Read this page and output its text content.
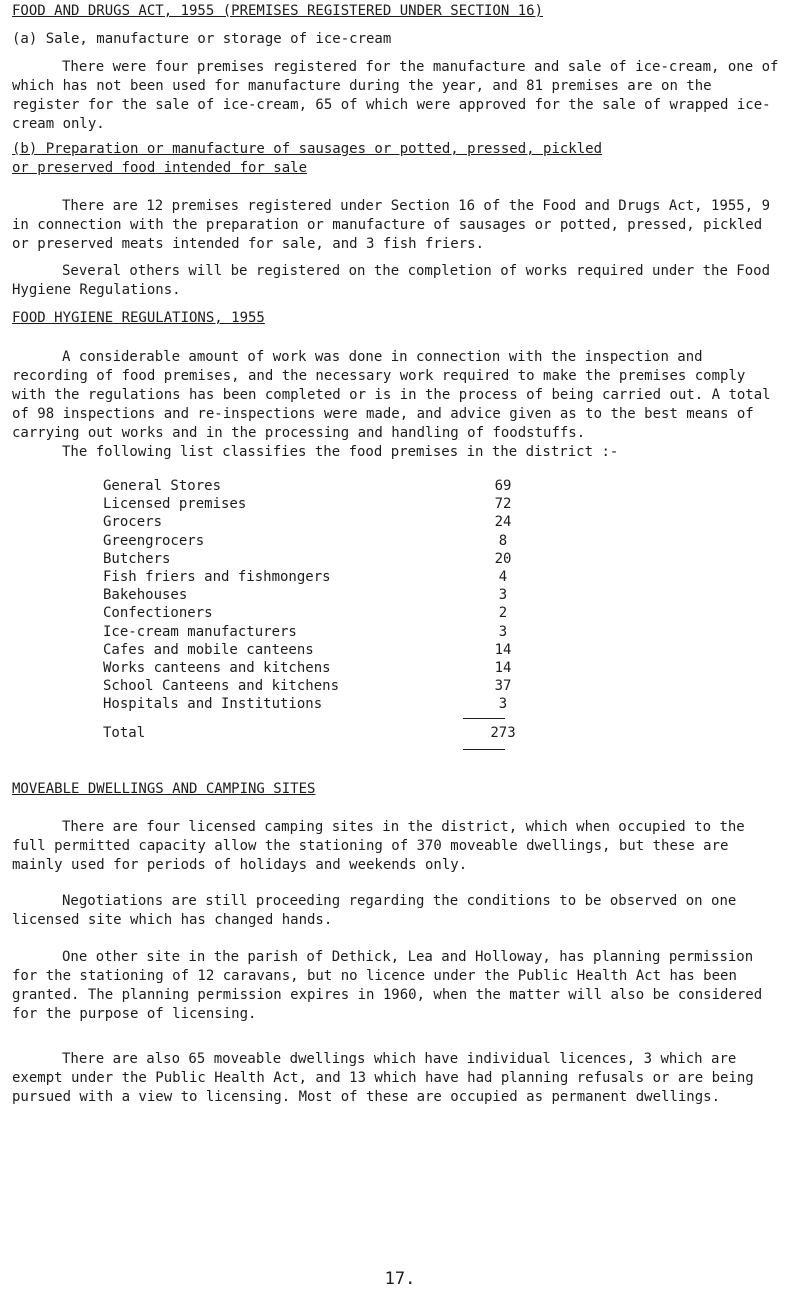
FOOD AND DRUGS ACT, 1955 (PREMISES REGISTERED UNDER SECTION 16)
(a) Sale, manufacture or storage of ice-cream
There were four premises registered for the manufacture and sale of ice-cream, one of which has not been used for manufacture during the year, and 81 premises are on the register for the sale of ice-cream, 65 of which were approved for the sale of wrapped ice-cream only.
(b) Preparation or manufacture of sausages or potted, pressed, pickled
or preserved food intended for sale
There are 12 premises registered under Section 16 of the Food and Drugs Act, 1955, 9 in connection with the preparation or manufacture of sausages or potted, pressed, pickled or preserved meats intended for sale, and 3 fish friers.
Several others will be registered on the completion of works required under the Food Hygiene Regulations.
FOOD HYGIENE REGULATIONS, 1955
A considerable amount of work was done in connection with the inspection and recording of food premises, and the necessary work required to make the premises comply with the regulations has been completed or is in the process of being carried out. A total of 98 inspections and re-inspections were made, and advice given as to the best means of carrying out works and in the processing and handling of foodstuffs.
The following list classifies the food premises in the district :-
General Stores	69
Licensed premises	72
Grocers	24
Greengrocers	8
Butchers	20
Fish friers and fishmongers	4
Bakehouses	3
Confectioners	2
Ice-cream manufacturers	3
Cafes and mobile canteens	14
Works canteens and kitchens	14
School Canteens and kitchens	37
Hospitals and Institutions	3
Total	273
MOVEABLE DWELLINGS AND CAMPING SITES
There are four licensed camping sites in the district, which when occupied to the full permitted capacity allow the stationing of 370 moveable dwellings, but these are mainly used for periods of holidays and weekends only.
Negotiations are still proceeding regarding the conditions to be observed on one licensed site which has changed hands.
One other site in the parish of Dethick, Lea and Holloway, has planning permission for the stationing of 12 caravans, but no licence under the Public Health Act has been granted. The planning permission expires in 1960, when the matter will also be considered for the purpose of licensing.
There are also 65 moveable dwellings which have individual licences, 3 which are exempt under the Public Health Act, and 13 which have had planning refusals or are being pursued with a view to licensing. Most of these are occupied as permanent dwellings.
17.
